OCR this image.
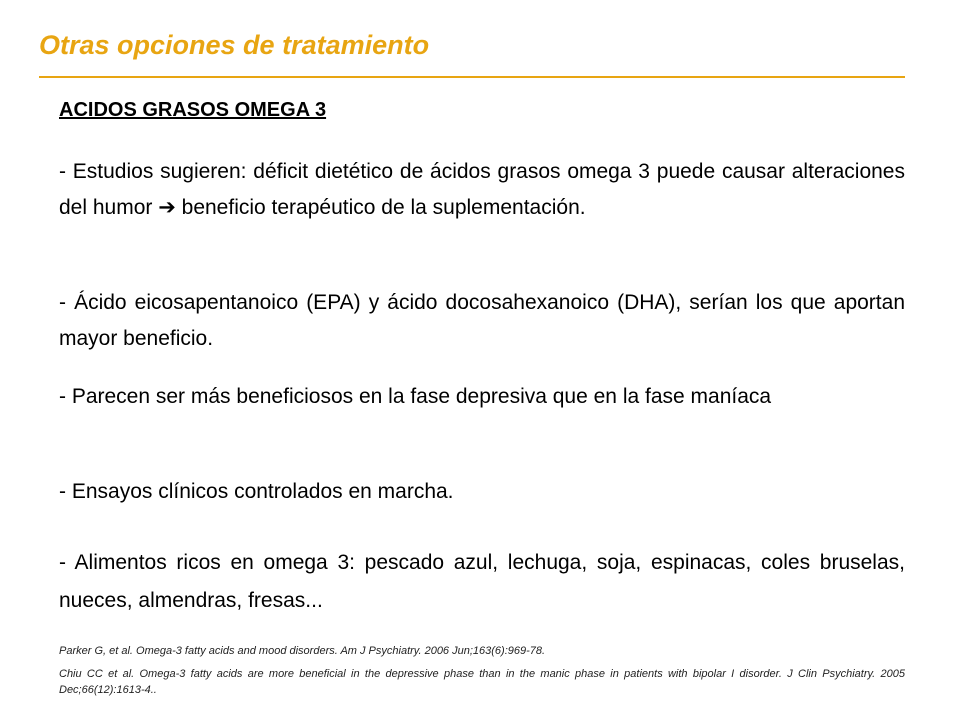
Otras opciones de tratamiento
ACIDOS GRASOS OMEGA 3

- Estudios sugieren: déficit dietético de ácidos grasos omega 3 puede causar alteraciones del humor ➔ beneficio terapéutico de la suplementación.

- Ácido eicosapentanoico (EPA) y ácido docosahexanoico (DHA), serían los que aportan mayor beneficio.

- Parecen ser más beneficiosos en la fase depresiva que en la fase maníaca

- Ensayos clínicos controlados en marcha.

- Alimentos ricos en omega 3: pescado azul, lechuga, soja, espinacas, coles bruselas, nueces, almendras, fresas...

Parker G, et al. Omega-3 fatty acids and mood disorders. Am J Psychiatry. 2006 Jun;163(6):969-78.

Chiu CC et al. Omega-3 fatty acids are more beneficial in the depressive phase than in the manic phase in patients with bipolar I disorder. J Clin Psychiatry. 2005 Dec;66(12):1613-4..
